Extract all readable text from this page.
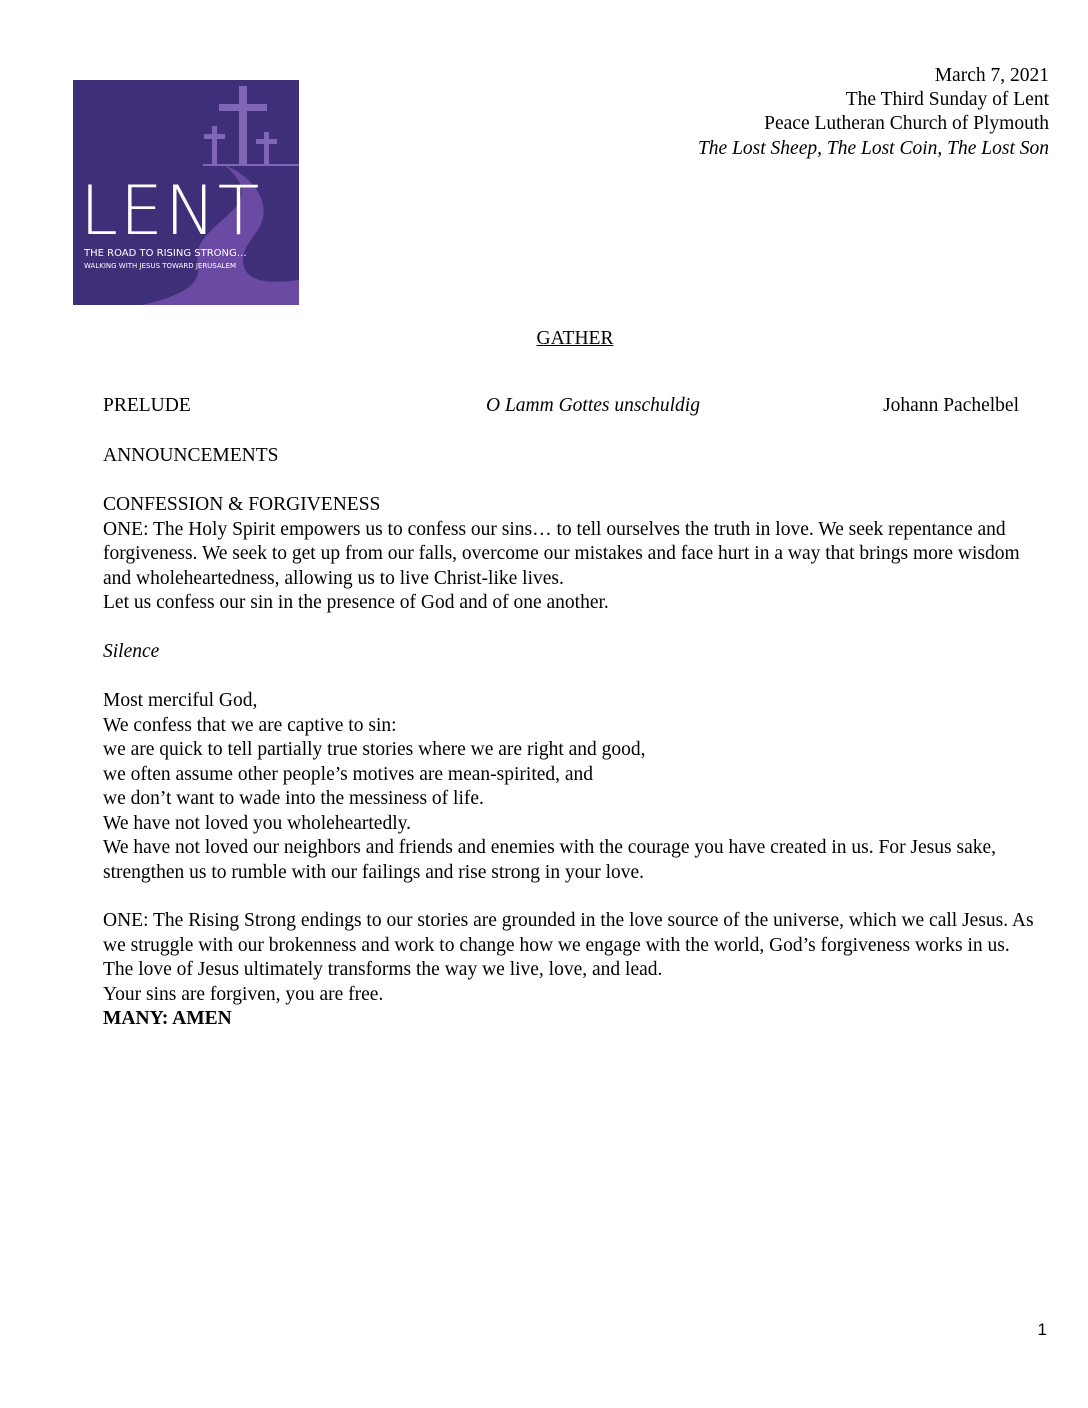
LENT
THE ROAD TO RISING STRONG…
WALKING WITH JESUS TOWARD JERUSALEM
March 7, 2021
The Third Sunday of Lent
Peace Lutheran Church of Plymouth
The Lost Sheep, The Lost Coin, The Lost Son
GATHER
PRELUDE	O Lamm Gottes unschuldig	Johann Pachelbel
ANNOUNCEMENTS

CONFESSION & FORGIVENESS

ONE: The Holy Spirit empowers us to confess our sins… to tell ourselves the truth in love. We seek repentance and forgiveness. We seek to get up from our falls, overcome our mistakes and face hurt in a way that brings more wisdom and wholeheartedness, allowing us to live Christ-like lives.

Let us confess our sin in the presence of God and of one another.

Silence

Most merciful God,

We confess that we are captive to sin:

we are quick to tell partially true stories where we are right and good,

we often assume other people’s motives are mean-spirited, and

we don’t want to wade into the messiness of life.

We have not loved you wholeheartedly.

We have not loved our neighbors and friends and enemies with the courage you have created in us. For Jesus sake, strengthen us to rumble with our failings and rise strong in your love.

ONE: The Rising Strong endings to our stories are grounded in the love source of the universe, which we call Jesus. As we struggle with our brokenness and work to change how we engage with the world, God’s forgiveness works in us. The love of Jesus ultimately transforms the way we live, love, and lead.

Your sins are forgiven, you are free.

MANY: AMEN

1
